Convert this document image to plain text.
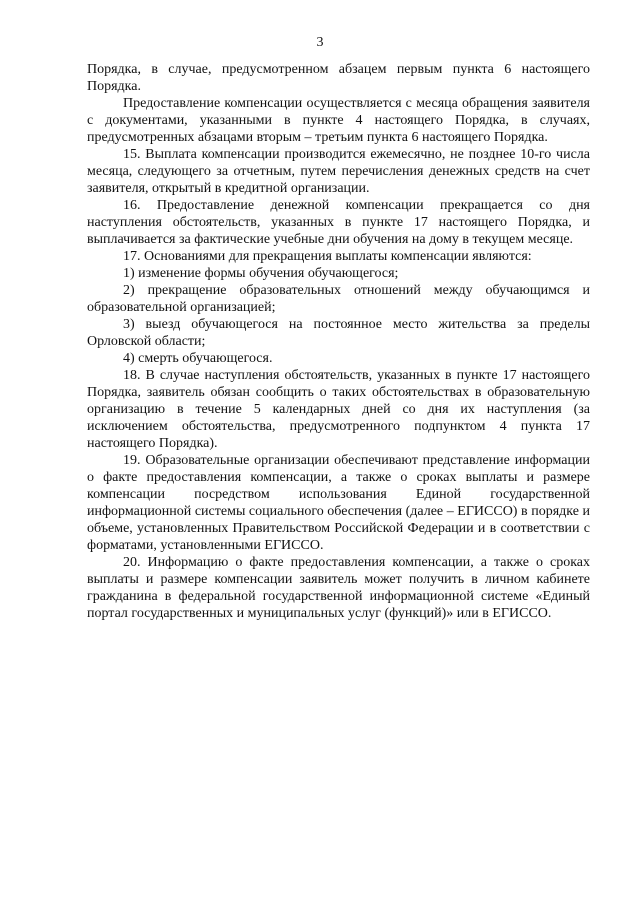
3

Порядка, в случае, предусмотренном абзацем первым пункта 6 настоящего Порядка.

Предоставление компенсации осуществляется с месяца обращения заявителя с документами, указанными в пункте 4 настоящего Порядка, в случаях, предусмотренных абзацами вторым – третьим пункта 6 настоящего Порядка.

15. Выплата компенсации производится ежемесячно, не позднее 10-го числа месяца, следующего за отчетным, путем перечисления денежных средств на счет заявителя, открытый в кредитной организации.

16. Предоставление денежной компенсации прекращается со дня наступления обстоятельств, указанных в пункте 17 настоящего Порядка, и выплачивается за фактические учебные дни обучения на дому в текущем месяце.

17. Основаниями для прекращения выплаты компенсации являются:

1) изменение формы обучения обучающегося;

2) прекращение образовательных отношений между обучающимся и образовательной организацией;

3) выезд обучающегося на постоянное место жительства за пределы Орловской области;

4) смерть обучающегося.

18. В случае наступления обстоятельств, указанных в пункте 17 настоящего Порядка, заявитель обязан сообщить о таких обстоятельствах в образовательную организацию в течение 5 календарных дней со дня их наступления (за исключением обстоятельства, предусмотренного подпунктом 4 пункта 17 настоящего Порядка).

19. Образовательные организации обеспечивают представление информации о факте предоставления компенсации, а также о сроках выплаты и размере компенсации посредством использования Единой государственной информационной системы социального обеспечения (далее – ЕГИССО) в порядке и объеме, установленных Правительством Российской Федерации и в соответствии с форматами, установленными ЕГИССО.

20. Информацию о факте предоставления компенсации, а также о сроках выплаты и размере компенсации заявитель может получить в личном кабинете гражданина в федеральной государственной информационной системе «Единый портал государственных и муниципальных услуг (функций)» или в ЕГИССО.
